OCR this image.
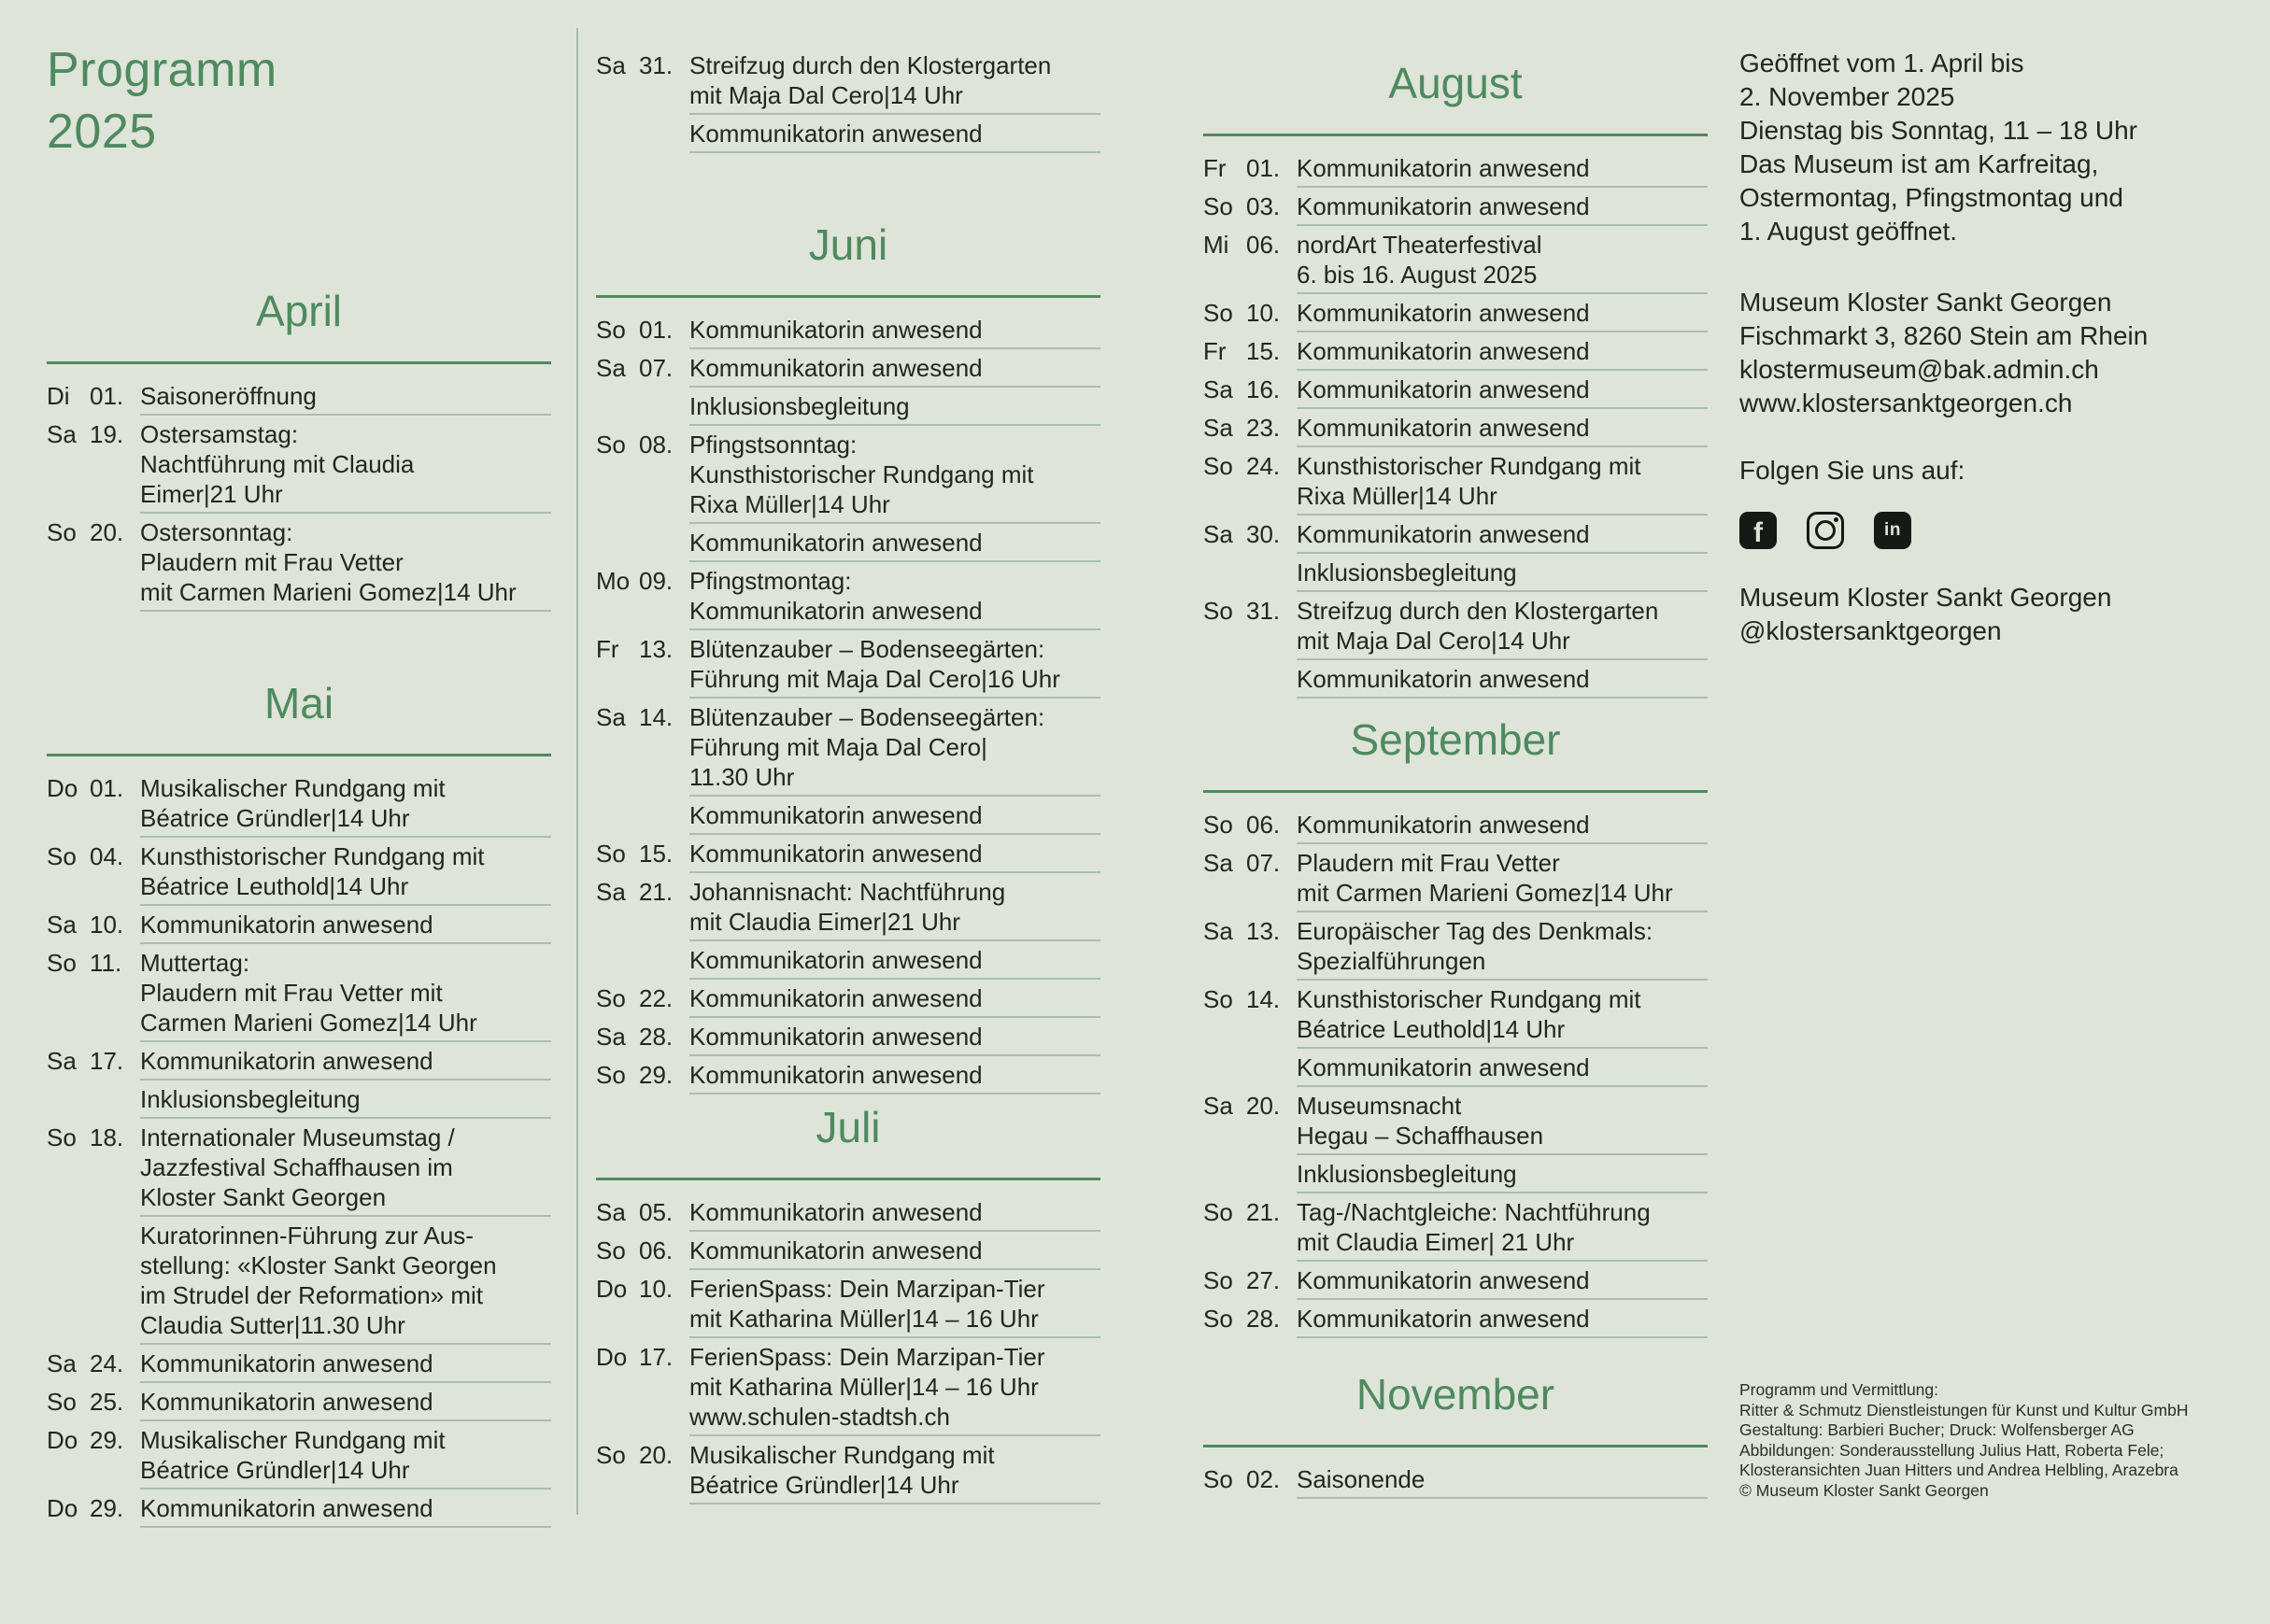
Programm
2025
April
Di 01. Saisoneröffnung
Sa 19. Ostersamstag:
Nachtführung mit Claudia
Eimer|21 Uhr
So 20. Ostersonntag:
Plaudern mit Frau Vetter
mit Carmen Marieni Gomez|14 Uhr
Mai
Do 01. Musikalischer Rundgang mit
Béatrice Gründler|14 Uhr
So 04. Kunsthistorischer Rundgang mit
Béatrice Leuthold|14 Uhr
Sa 10. Kommunikatorin anwesend
So 11. Muttertag:
Plaudern mit Frau Vetter mit
Carmen Marieni Gomez|14 Uhr
Sa 17. Kommunikatorin anwesend
Inklusionsbegleitung
So 18. Internationaler Museumstag /
Jazzfestival Schaffhausen im
Kloster Sankt Georgen
Kuratorinnen-Führung zur Aus-
stellung: «Kloster Sankt Georgen
im Strudel der Reformation» mit
Claudia Sutter|11.30 Uhr
Sa 24. Kommunikatorin anwesend
So 25. Kommunikatorin anwesend
Do 29. Musikalischer Rundgang mit
Béatrice Gründler|14 Uhr
Do 29. Kommunikatorin anwesend
Sa 31. Streifzug durch den Klostergarten
mit Maja Dal Cero|14 Uhr
Kommunikatorin anwesend
Juni
So 01. Kommunikatorin anwesend
Sa 07. Kommunikatorin anwesend
Inklusionsbegleitung
So 08. Pfingstsonntag:
Kunsthistorischer Rundgang mit
Rixa Müller|14 Uhr
Kommunikatorin anwesend
Mo 09. Pfingstmontag:
Kommunikatorin anwesend
Fr 13. Blütenzauber – Bodenseegärten:
Führung mit Maja Dal Cero|16 Uhr
Sa 14. Blütenzauber – Bodenseegärten:
Führung mit Maja Dal Cero|
11.30 Uhr
Kommunikatorin anwesend
So 15. Kommunikatorin anwesend
Sa 21. Johannisnacht: Nachtführung
mit Claudia Eimer|21 Uhr
Kommunikatorin anwesend
So 22. Kommunikatorin anwesend
Sa 28. Kommunikatorin anwesend
So 29. Kommunikatorin anwesend
Juli
Sa 05. Kommunikatorin anwesend
So 06. Kommunikatorin anwesend
Do 10. FerienSpass: Dein Marzipan-Tier
mit Katharina Müller|14 – 16 Uhr
Do 17. FerienSpass: Dein Marzipan-Tier
mit Katharina Müller|14 – 16 Uhr
www.schulen-stadtsh.ch
So 20. Musikalischer Rundgang mit
Béatrice Gründler|14 Uhr
August
Fr 01. Kommunikatorin anwesend
So 03. Kommunikatorin anwesend
Mi 06. nordArt Theaterfestival
6. bis 16. August 2025
So 10. Kommunikatorin anwesend
Fr 15. Kommunikatorin anwesend
Sa 16. Kommunikatorin anwesend
Sa 23. Kommunikatorin anwesend
So 24. Kunsthistorischer Rundgang mit
Rixa Müller|14 Uhr
Sa 30. Kommunikatorin anwesend
Inklusionsbegleitung
So 31. Streifzug durch den Klostergarten
mit Maja Dal Cero|14 Uhr
Kommunikatorin anwesend
September
So 06. Kommunikatorin anwesend
Sa 07. Plaudern mit Frau Vetter
mit Carmen Marieni Gomez|14 Uhr
Sa 13. Europäischer Tag des Denkmals:
Spezialführungen
So 14. Kunsthistorischer Rundgang mit
Béatrice Leuthold|14 Uhr
Kommunikatorin anwesend
Sa 20. Museumsnacht
Hegau – Schaffhausen
Inklusionsbegleitung
So 21. Tag-/Nachtgleiche: Nachtführung
mit Claudia Eimer| 21 Uhr
So 27. Kommunikatorin anwesend
So 28. Kommunikatorin anwesend
November
So 02. Saisonende
Geöffnet vom 1. April bis
2. November 2025
Dienstag bis Sonntag, 11 – 18 Uhr
Das Museum ist am Karfreitag,
Ostermontag, Pfingstmontag und
1. August geöffnet.
Museum Kloster Sankt Georgen
Fischmarkt 3, 8260 Stein am Rhein
klostermuseum@bak.admin.ch
www.klostersanktgeorgen.ch
Folgen Sie uns auf:
f	in
Museum Kloster Sankt Georgen
@klostersanktgeorgen
Programm und Vermittlung:
Ritter & Schmutz Dienstleistungen für Kunst und Kultur GmbH
Gestaltung: Barbieri Bucher; Druck: Wolfensberger AG
Abbildungen: Sonderausstellung Julius Hatt, Roberta Fele;
Klosteransichten Juan Hitters und Andrea Helbling, Arazebra
© Museum Kloster Sankt Georgen
